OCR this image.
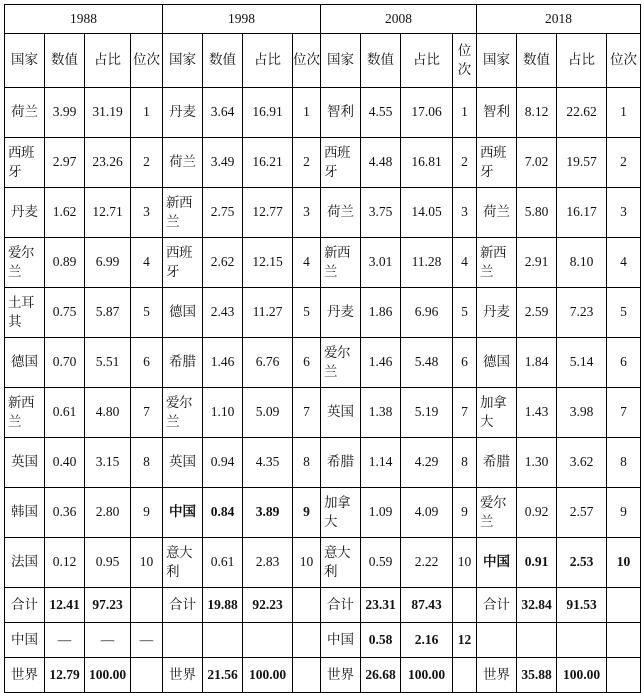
1988				1998				2008				2018			
国家	数值	占比	位次	国家	数值	占比	位次	国家	数值	占比	位次	国家	数值	占比	位次
荷兰	3.99	31.19	1	丹麦	3.64	16.91	1	智利	4.55	17.06	1	智利	8.12	22.62	1
西班牙	2.97	23.26	2	荷兰	3.49	16.21	2	西班牙	4.48	16.81	2	西班牙	7.02	19.57	2
丹麦	1.62	12.71	3	新西兰	2.75	12.77	3	荷兰	3.75	14.05	3	荷兰	5.80	16.17	3
爱尔兰	0.89	6.99	4	西班牙	2.62	12.15	4	新西兰	3.01	11.28	4	新西兰	2.91	8.10	4
土耳其	0.75	5.87	5	德国	2.43	11.27	5	丹麦	1.86	6.96	5	丹麦	2.59	7.23	5
德国	0.70	5.51	6	希腊	1.46	6.76	6	爱尔兰	1.46	5.48	6	德国	1.84	5.14	6
新西兰	0.61	4.80	7	爱尔兰	1.10	5.09	7	英国	1.38	5.19	7	加拿大	1.43	3.98	7
英国	0.40	3.15	8	英国	0.94	4.35	8	希腊	1.14	4.29	8	希腊	1.30	3.62	8
韩国	0.36	2.80	9	中国	0.84	3.89	9	加拿大	1.09	4.09	9	爱尔兰	0.92	2.57	9
法国	0.12	0.95	10	意大利	0.61	2.83	10	意大利	0.59	2.22	10	中国	0.91	2.53	10
合计	12.41	97.23		合计	19.88	92.23		合计	23.31	87.43		合计	32.84	91.53	
中国	—	—	—					中国	0.58	2.16	12				
世界	12.79	100.00		世界	21.56	100.00		世界	26.68	100.00		世界	35.88	100.00	
